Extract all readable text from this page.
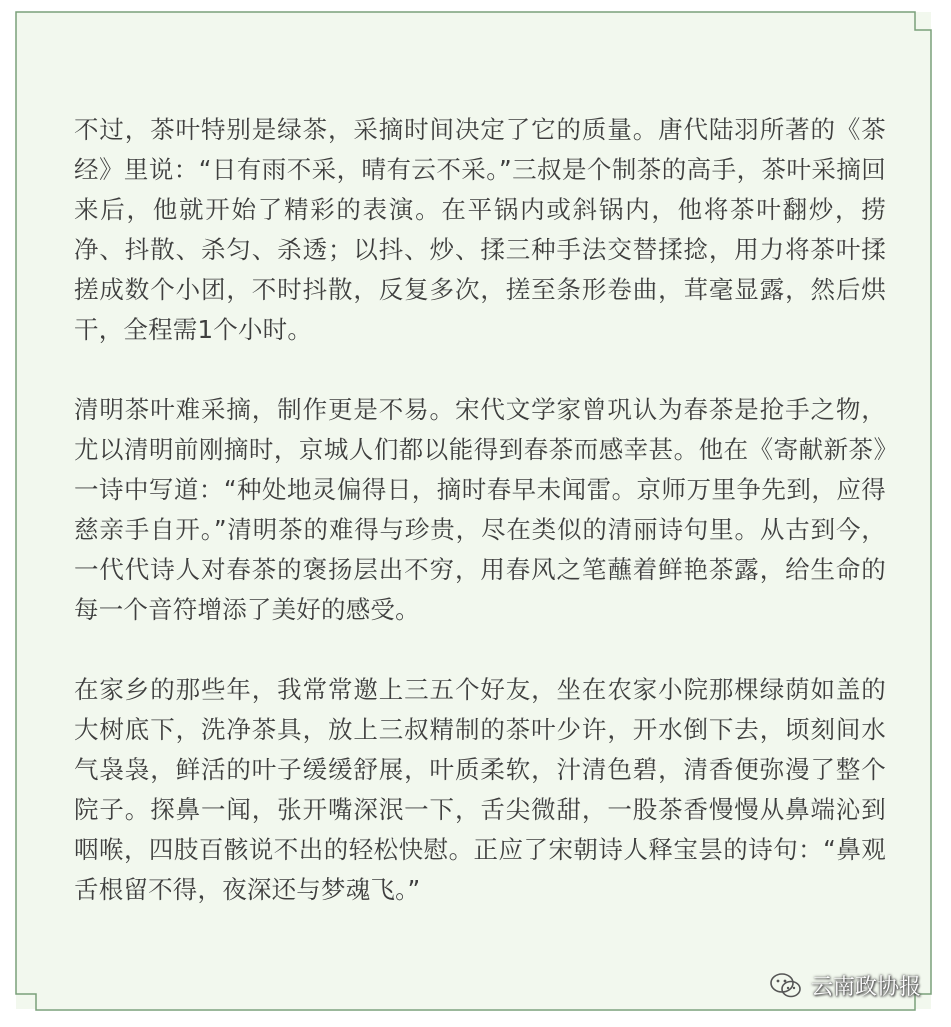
不过，茶叶特别是绿茶，采摘时间决定了它的质量。唐代陆羽所著的《茶经》里说：“日有雨不采，晴有云不采。”三叔是个制茶的高手，茶叶采摘回来后，他就开始了精彩的表演。在平锅内或斜锅内，他将茶叶翻炒，捞净、抖散、杀匀、杀透；以抖、炒、揉三种手法交替揉捻，用力将茶叶揉搓成数个小团，不时抖散，反复多次，搓至条形卷曲，茸毫显露，然后烘干，全程需1个小时。

清明茶叶难采摘，制作更是不易。宋代文学家曾巩认为春茶是抢手之物，尤以清明前刚摘时，京城人们都以能得到春茶而感幸甚。他在《寄献新茶》一诗中写道：“种处地灵偏得日，摘时春早未闻雷。京师万里争先到，应得慈亲手自开。”清明茶的难得与珍贵，尽在类似的清丽诗句里。从古到今，一代代诗人对春茶的褒扬层出不穷，用春风之笔蘸着鲜艳茶露，给生命的每一个音符增添了美好的感受。

在家乡的那些年，我常常邀上三五个好友，坐在农家小院那棵绿荫如盖的大树底下，洗净茶具，放上三叔精制的茶叶少许，开水倒下去，顷刻间水气袅袅，鲜活的叶子缓缓舒展，叶质柔软，汁清色碧，清香便弥漫了整个院子。探鼻一闻，张开嘴深泯一下，舌尖微甜，一股茶香慢慢从鼻端沁到咽喉，四肢百骸说不出的轻松快慰。正应了宋朝诗人释宝昙的诗句：“鼻观舌根留不得，夜深还与梦魂飞。”

云南政协报
